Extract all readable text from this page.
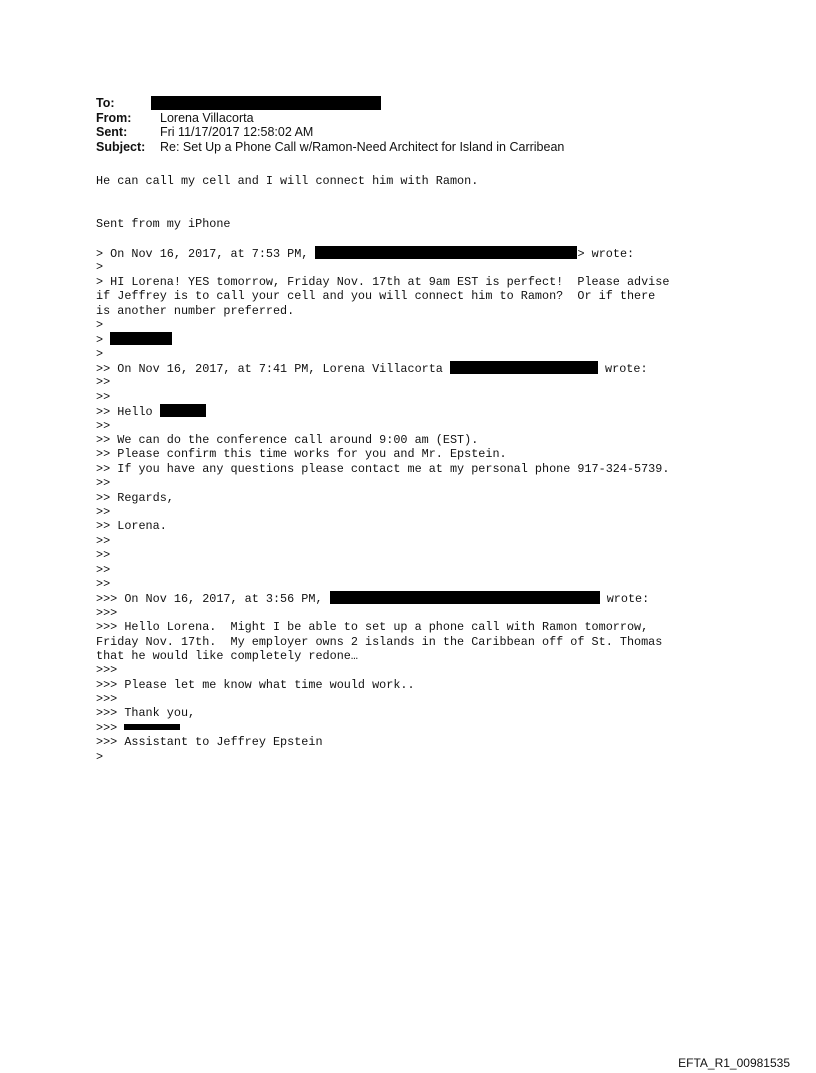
To:
From: Lorena Villacorta
Sent:	Fri 11/17/2017 12:58:02 AM
Subject: Re: Set Up a Phone Call w/Ramon-Need Architect for Island in Carribean
He can call my cell and I will connect him with Ramon.
Sent from my iPhone
> On Nov 16, 2017, at 7:53 PM,	> wrote:
>
> HI Lorena! YES tomorrow, Friday Nov. 17th at 9am EST is perfect!  Please advise
if Jeffrey is to call your cell and you will connect him to Ramon?  Or if there
is another number preferred.
>
>
>
>> On Nov 16, 2017, at 7:41 PM, Lorena Villacorta	wrote:
>>
>>
>> Hello
>>
>> We can do the conference call around 9:00 am (EST).
>> Please confirm this time works for you and Mr. Epstein.
>> If you have any questions please contact me at my personal phone 917-324-5739.
>>
>> Regards,
>>
>> Lorena.
>>
>>
>>
>>
>>> On Nov 16, 2017, at 3:56 PM,	wrote:
>>>
>>> Hello Lorena.  Might I be able to set up a phone call with Ramon tomorrow,
Friday Nov. 17th.  My employer owns 2 islands in the Caribbean off of St. Thomas
that he would like completely redone…
>>>
>>> Please let me know what time would work..
>>>
>>> Thank you,
>>>
>>> Assistant to Jeffrey Epstein
>
EFTA_R1_00981535
